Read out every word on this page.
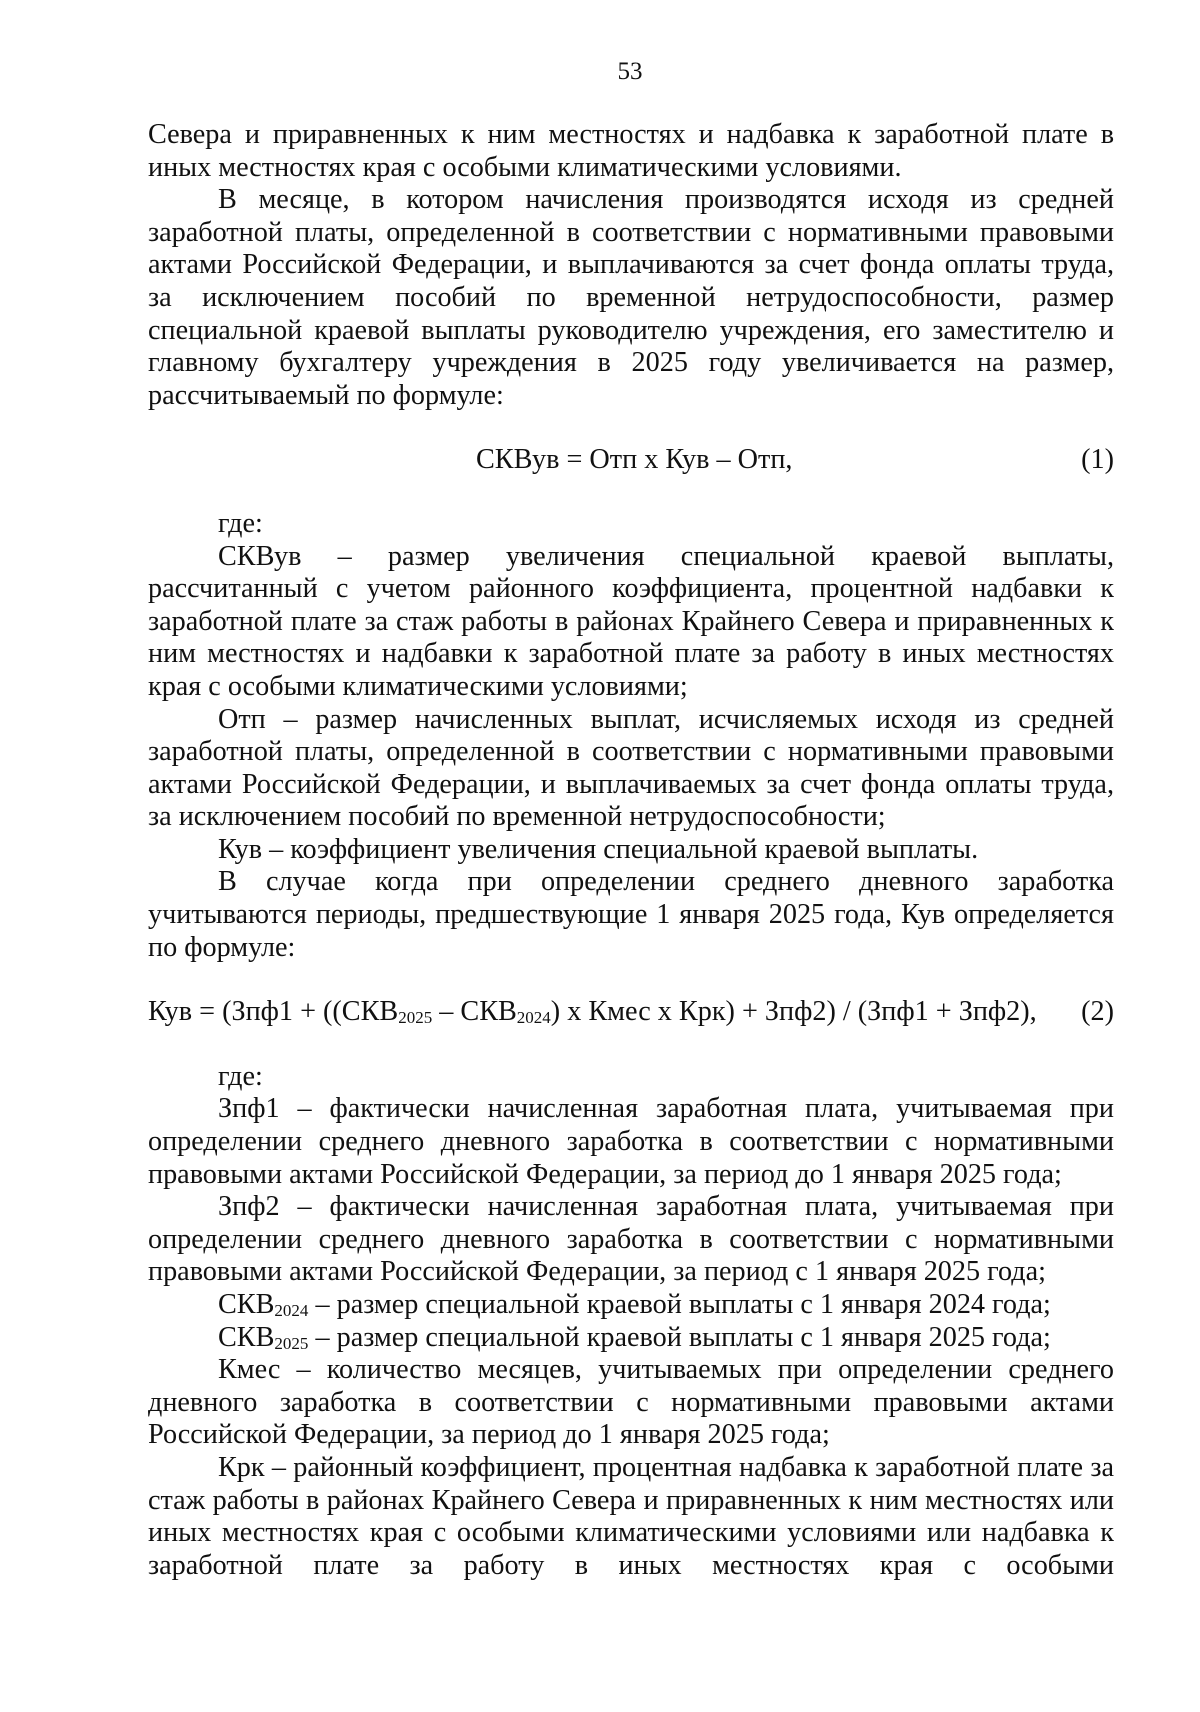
53

Севера и приравненных к ним местностях и надбавка к заработной плате в иных местностях края с особыми климатическими условиями.

В месяце, в котором начисления производятся исходя из средней заработной платы, определенной в соответствии с нормативными правовыми актами Российской Федерации, и выплачиваются за счет фонда оплаты труда, за исключением пособий по временной нетрудоспособности, размер специальной краевой выплаты руководителю учреждения, его заместителю и главному бухгалтеру учреждения в 2025 году увеличивается на размер, рассчитываемый по формуле:

СКВув = Отп х Кув – Отп,	(1)

где:

СКВув – размер увеличения специальной краевой выплаты, рассчитанный с учетом районного коэффициента, процентной надбавки к заработной плате за стаж работы в районах Крайнего Севера и приравненных к ним местностях и надбавки к заработной плате за работу в иных местностях края с особыми климатическими условиями;

Отп – размер начисленных выплат, исчисляемых исходя из средней заработной платы, определенной в соответствии с нормативными правовыми актами Российской Федерации, и выплачиваемых за счет фонда оплаты труда, за исключением пособий по временной нетрудоспособности;

Кув – коэффициент увеличения специальной краевой выплаты.

В случае когда при определении среднего дневного заработка учитываются периоды, предшествующие 1 января 2025 года, Кув определяется по формуле:

Кув = ($Зпф1 + ((СКВ_{2025} - СКВ_{2024})$ х Кмес х Крк) + Зпф2) / (Зпф1 + Зпф2), (2)

где:

Зпф1 – фактически начисленная заработная плата, учитываемая при определении среднего дневного заработка в соответствии с нормативными правовыми актами Российской Федерации, за период до 1 января 2025 года;

Зпф2 – фактически начисленная заработная плата, учитываемая при определении среднего дневного заработка в соответствии с нормативными правовыми актами Российской Федерации, за период с 1 января 2025 года;

$СКВ_{2024}$ – размер специальной краевой выплаты с 1 января 2024 года;

$СКВ_{2025}$ – размер специальной краевой выплаты с 1 января 2025 года;

Кмес – количество месяцев, учитываемых при определении среднего дневного заработка в соответствии с нормативными правовыми актами Российской Федерации, за период до 1 января 2025 года;

Крк – районный коэффициент, процентная надбавка к заработной плате за стаж работы в районах Крайнего Севера и приравненных к ним местностях или иных местностях края с особыми климатическими условиями или надбавка к заработной плате за работу в иных местностях края с особыми
